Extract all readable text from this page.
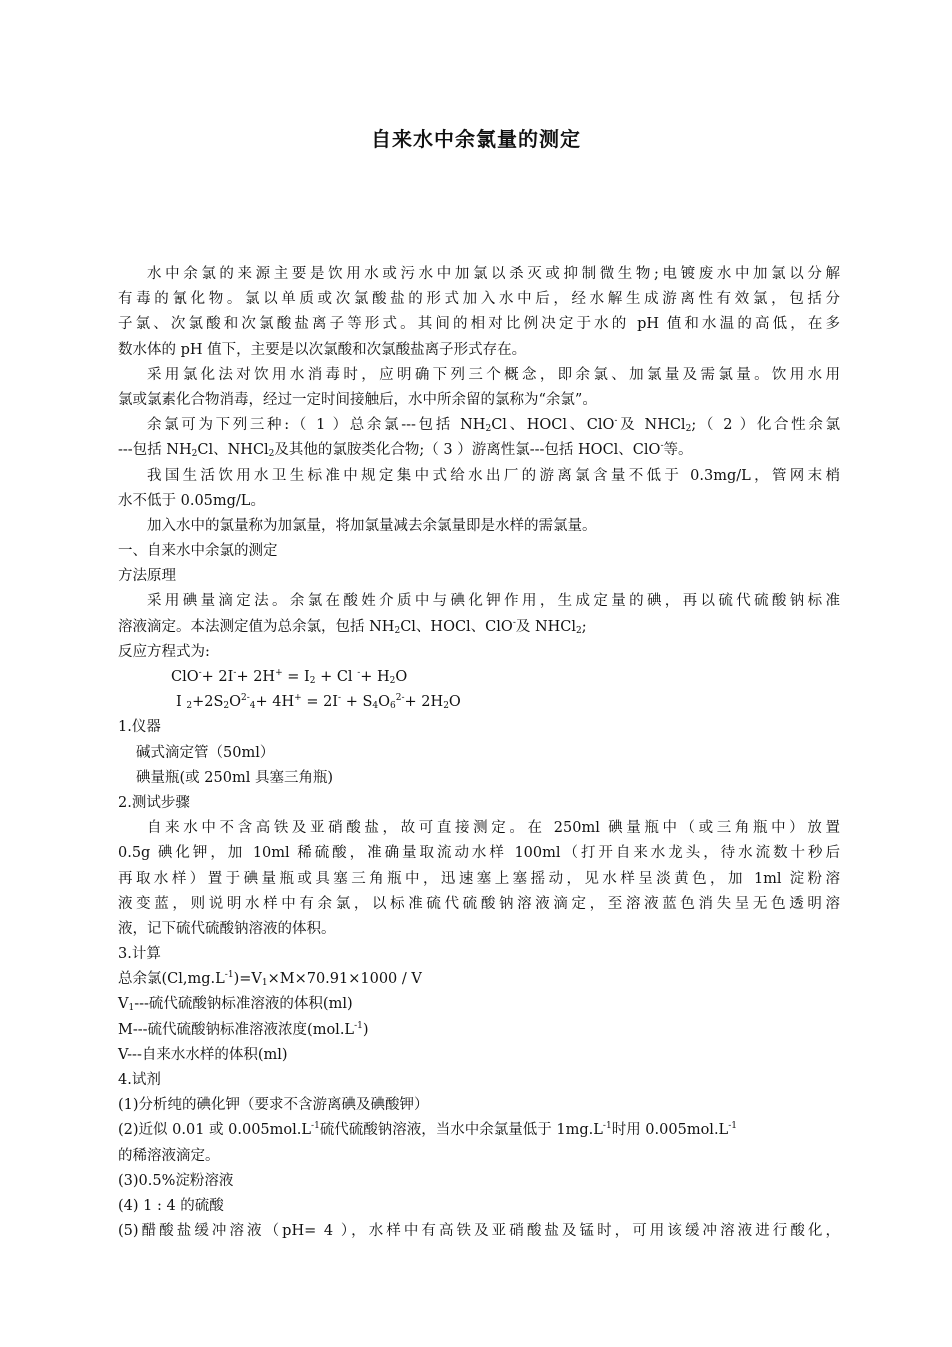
自来水中余氯量的测定
水中余氯的来源主要是饮用水或污水中加氯以杀灭或抑制微生物;电镀废水中加氯以分解
有毒的氰化物。氯以单质或次氯酸盐的形式加入水中后，经水解生成游离性有效氯，包括分
子氯、次氯酸和次氯酸盐离子等形式。其间的相对比例决定于水的 pH 值和水温的高低，在多
数水体的 pH 值下，主要是以次氯酸和次氯酸盐离子形式存在。
采用氯化法对饮用水消毒时，应明确下列三个概念，即余氯、加氯量及需氯量。饮用水用
氯或氯素化合物消毒，经过一定时间接触后，水中所余留的氯称为“余氯”。
余氯可为下列三种:（ 1 ）总余氯---包括 $NH_2Cl$、HOCl、ClO-及 NHCl$_2$;（ 2 ）化合性余氯
---包括 $NH_2Cl$、NHCl$_2$及其他的氯胺类化合物;（ 3 ）游离性氯---包括 HOCl、ClO-等。
我国生活饮用水卫生标准中规定集中式给水出厂的游离氯含量不低于 0.3mg/L，管网末梢
水不低于 0.05mg/L。
加入水中的氯量称为加氯量，将加氯量减去余氯量即是水样的需氯量。
一、自来水中余氯的测定
方法原理
采用碘量滴定法。余氯在酸姓介质中与碘化钾作用，生成定量的碘，再以硫代硫酸钠标准
溶液滴定。本法测定值为总余氯，包括 $NH_2Cl$、HOCl、ClO-及 NHCl$_2$;
反应方程式为:
$ClO^-+ 2I^-+ 2H^+ = I_2 + Cl$ $^-+ H_2O$
I $_2+2S_2O^{2-}_4+ 4H^+ = 2I^- + S_4O_6^{2-}+ 2H_2O$
1.仪器
碱式滴定管（50ml）
碘量瓶(或 250ml 具塞三角瓶)
2.测试步骤
自来水中不含高铁及亚硝酸盐，故可直接测定。在 250ml 碘量瓶中（或三角瓶中）放置
0.5g 碘化钾，加 10ml 稀硫酸，准确量取流动水样 100ml（打开自来水龙头，待水流数十秒后
再取水样）置于碘量瓶或具塞三角瓶中，迅速塞上塞摇动，见水样呈淡黄色，加 1ml 淀粉溶
液变蓝，则说明水样中有余氯，以标准硫代硫酸钠溶液滴定，至溶液蓝色消失呈无色透明溶
液，记下硫代硫酸钠溶液的体积。
3.计算
总余氯$(Cl,mg.L^{-1})=V_1\times M\times 70.91\times 1000 / V$
$V_1---$硫代硫酸钠标准溶液的体积(ml)
M---硫代硫酸钠标准溶液浓度$(mol.L^{-1})$
V---自来水水样的体积(ml)
4.试剂
(1)分析纯的碘化钾（要求不含游离碘及碘酸钾）
(2)近似 0.01 或 $0.005mol.L^{-1}$硫代硫酸钠溶液，当水中余氯量低于 $1mg.L^{-1}$时用 $0.005mol.L^{-1}$
的稀溶液滴定。
(3)0.5%淀粉溶液
(4) 1 : 4 的硫酸
(5)醋酸盐缓冲溶液（pH= 4 ），水样中有高铁及亚硝酸盐及锰时，可用该缓冲溶液进行酸化，
